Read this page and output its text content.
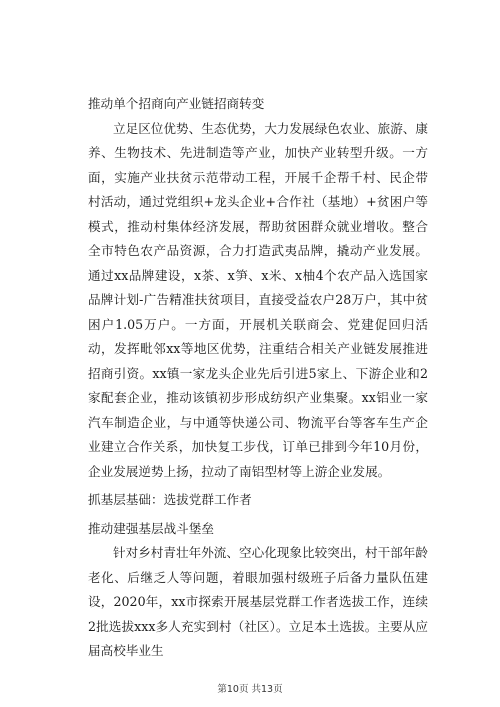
推动单个招商向产业链招商转变

立足区位优势、生态优势，大力发展绿色农业、旅游、康养、生物技术、先进制造等产业，加快产业转型升级。一方面，实施产业扶贫示范带动工程，开展千企帮千村、民企带村活动，通过党组织+龙头企业+合作社（基地）+贫困户等模式，推动村集体经济发展，帮助贫困群众就业增收。整合全市特色农产品资源，合力打造武夷品牌，撬动产业发展。通过xx品牌建设，x茶、x笋、x米、x柚4个农产品入选国家品牌计划-广告精准扶贫项目，直接受益农户28万户，其中贫困户1.05万户。一方面，开展机关联商会、党建促回归活动，发挥毗邻xx等地区优势，注重结合相关产业链发展推进招商引资。xx镇一家龙头企业先后引进5家上、下游企业和2家配套企业，推动该镇初步形成纺织产业集聚。xx铝业一家汽车制造企业，与中通等快递公司、物流平台等客车生产企业建立合作关系，加快复工步伐，订单已排到今年10月份，企业发展逆势上扬，拉动了南铝型材等上游企业发展。

抓基层基础：选拔党群工作者

推动建强基层战斗堡垒

针对乡村青壮年外流、空心化现象比较突出，村干部年龄老化、后继乏人等问题，着眼加强村级班子后备力量队伍建设，2020年，xx市探索开展基层党群工作者选拔工作，连续2批选拔xxx多人充实到村（社区）。立足本土选拔。主要从应届高校毕业生

第10页 共13页
